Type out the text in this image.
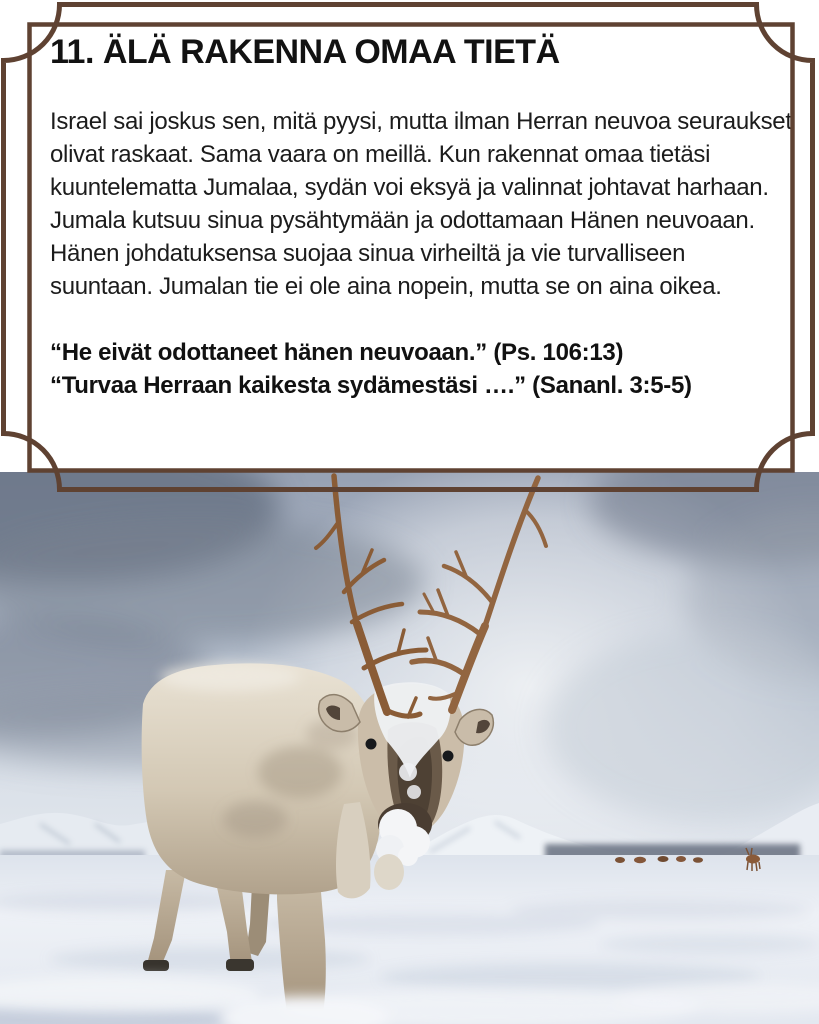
11. ÄLÄ RAKENNA OMAA TIETÄ

Israel sai joskus sen, mitä pyysi, mutta ilman Herran neuvoa seuraukset olivat raskaat. Sama vaara on meillä. Kun rakennat omaa tietäsi kuuntelematta Jumalaa, sydän voi eksyä ja valinnat johtavat harhaan. Jumala kutsuu sinua pysähtymään ja odottamaan Hänen neuvoaan. Hänen johdatuksensa suojaa sinua virheiltä ja vie turvalliseen suuntaan. Jumalan tie ei ole aina nopein, mutta se on aina oikea.

“He eivät odottaneet hänen neuvoaan.” (Ps. 106:13)

“Turvaa Herraan kaikesta sydämestäsi ….” (Sananl. 3:5-5)
